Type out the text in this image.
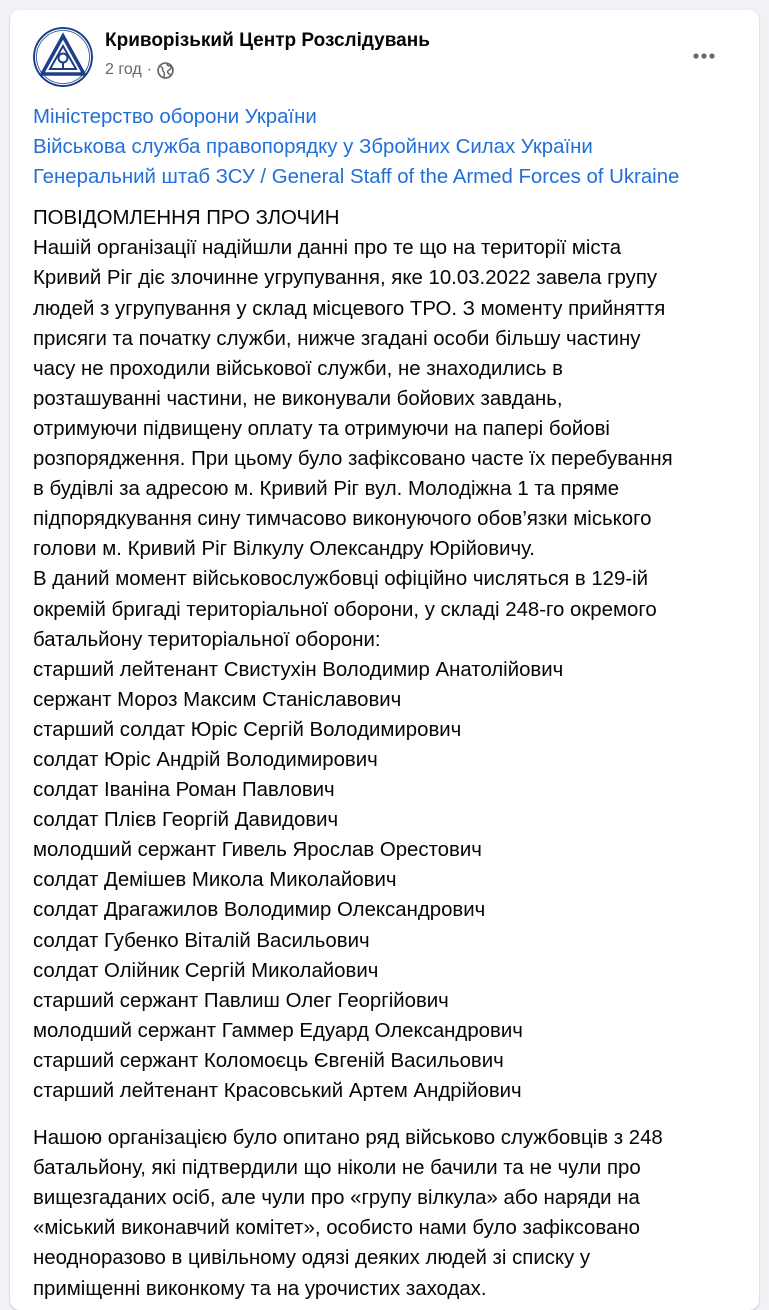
Криворізький Центр Розслідувань
2 год ·
Міністерство оборони України
Військова служба правопорядку у Збройних Силах України
Генеральний штаб ЗСУ / General Staff of the Armed Forces of Ukraine
ПОВІДОМЛЕННЯ ПРО ЗЛОЧИН
Нашій організації надійшли данні про те що на території міста
Кривий Ріг діє злочинне угрупування, яке 10.03.2022 завела групу
людей з угрупування у склад місцевого ТРО. З моменту прийняття
присяги та початку служби, нижче згадані особи більшу частину
часу не проходили військової служби, не знаходились в
розташуванні частини, не виконували бойових завдань,
отримуючи підвищену оплату та отримуючи на папері бойові
розпорядження. При цьому було зафіксовано часте їх перебування
в будівлі за адресою м. Кривий Ріг вул. Молодіжна 1 та пряме
підпорядкування сину тимчасово виконуючого обов’язки міського
голови м. Кривий Ріг Вілкулу Олександру Юрійовичу.
В даний момент військовослужбовці офіційно числяться в 129-ій
окремій бригаді територіальної оборони, у складі 248-го окремого
батальйону територіальної оборони:
старший лейтенант Свистухін Володимир Анатолійович
сержант Мороз Максим Станіславович
старший солдат Юріс Сергій Володимирович
солдат Юріс Андрій Володимирович
солдат Іваніна Роман Павлович
солдат Плієв Георгій Давидович
молодший сержант Гивель Ярослав Орестович
солдат Демішев Микола Миколайович
солдат Драгажилов Володимир Олександрович
солдат Губенко Віталій Васильович
солдат Олійник Сергій Миколайович
старший сержант Павлиш Олег Георгійович
молодший сержант Гаммер Едуард Олександрович
старший сержант Коломоєць Євгеній Васильович
старший лейтенант Красовський Артем Андрійович
Нашою організацією було опитано ряд військово службовців з 248
батальйону, які підтвердили що ніколи не бачили та не чули про
вищезгаданих осіб, але чули про «групу вілкула» або наряди на
«міський виконавчий комітет», особисто нами було зафіксовано
неодноразово в цивільному одязі деяких людей зі списку у
приміщенні виконкому та на урочистих заходах.
